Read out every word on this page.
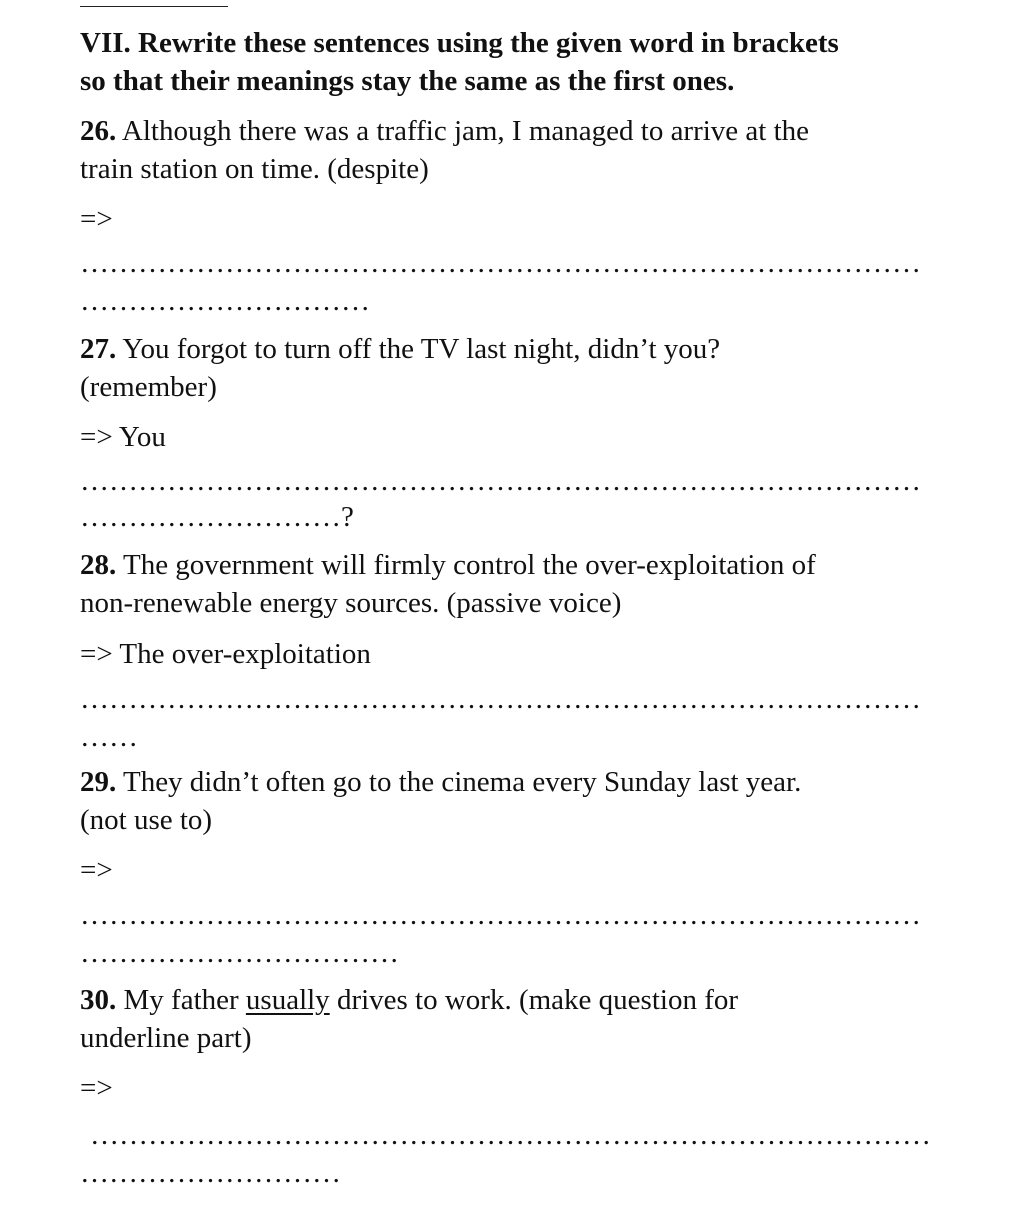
VII. Rewrite these sentences using the given word in brackets
so that their meanings stay the same as the first ones.
26. Although there was a traffic jam, I managed to arrive at the
train station on time. (despite)
=>
……………………………………………………………………………
…………………………
27. You forgot to turn off the TV last night, didn’t you?
(remember)
=> You
……………………………………………………………………………
………………………?
28. The government will firmly control the over-exploitation of
non-renewable energy sources. (passive voice)
=> The over-exploitation
……………………………………………………………………………
……
29. They didn’t often go to the cinema every Sunday last year.
(not use to)
=>
……………………………………………………………………………
……………………………
30. My father usually drives to work. (make question for
underline part)
=>
……………………………………………………………………………
………………………
